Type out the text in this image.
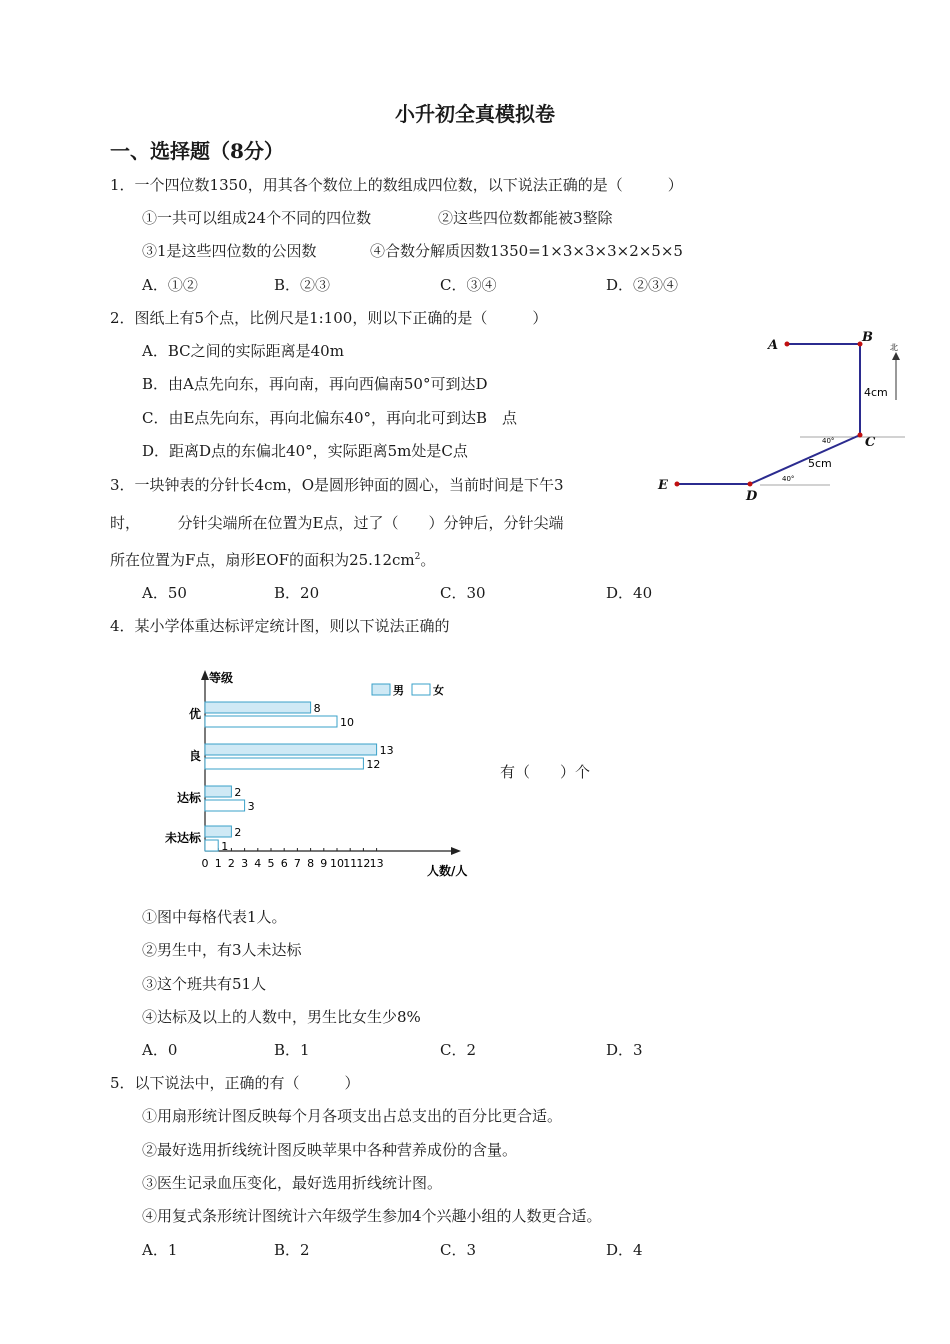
小升初全真模拟卷
一、选择题（8分）
1．一个四位数1350，用其各个数位上的数组成四位数，以下说法正确的是（　　　）
①一共可以组成24个不同的四位数	②这些四位数都能被3整除
③1是这些四位数的公因数	④合数分解质因数1350=1×3×3×3×2×5×5
A．①②	B．②③	C．③④	D．②③④
2．图纸上有5个点，比例尺是1:100，则以下正确的是（　　　）
A．BC之间的实际距离是40m
B．由A点先向东，再向南，再向西偏南50°可到达D
C．由E点先向东，再向北偏东40°，再向北可到达B　点
D．距离D点的东偏北40°，实际距离5m处是C点
A
B
C
D
E
4cm
5cm
40°
40°
北
3．一块钟表的分针长4cm，O是圆形钟面的圆心，当前时间是下午3
时，　　　分针尖端所在位置为E点，过了（　　）分钟后，分针尖端
所在位置为F点，扇形EOF的面积为$25.12cm^2$。
A．50	B．20	C．30	D．40
4．某小学体重达标评定统计图，则以下说法正确的
有（　　）个
等级
人数/人
0 1 2 3 4 5 6 7 8 9 10 11 12 13
男	女
优	8
10
良	13
12
达标	2
3
未达标	2
1
①图中每格代表1人。
②男生中，有3人未达标
③这个班共有51人
④达标及以上的人数中，男生比女生少8%
A．0	B．1	C．2	D．3
5．以下说法中，正确的有（　　　）
①用扇形统计图反映每个月各项支出占总支出的百分比更合适。
②最好选用折线统计图反映苹果中各种营养成份的含量。
③医生记录血压变化，最好选用折线统计图。
④用复式条形统计图统计六年级学生参加4个兴趣小组的人数更合适。
A．1	B．2	C．3	D．4
